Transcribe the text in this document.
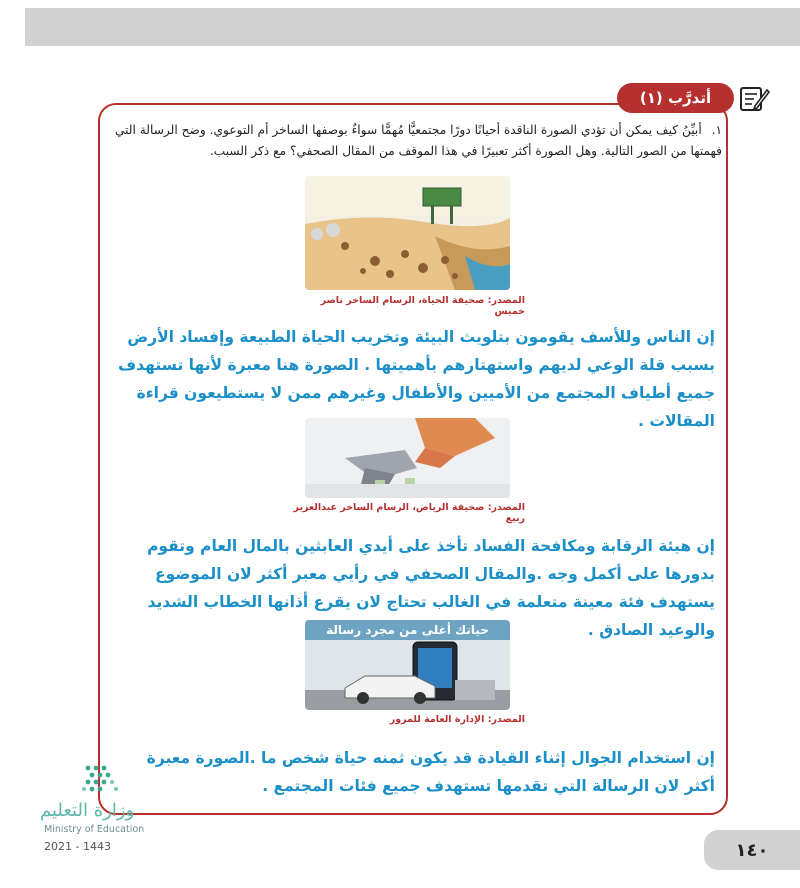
أتدرَّب (١)
١. أبيِّنُ كيف يمكن أن تؤدي الصورة الناقدة أحيانًا دورًا مجتمعيًّا مُهمًّا سواءٌ بوصفها الساخر أم التوعوي. وضح الرسالة التي فهمتها من الصور التالية. وهل الصورة أكثر تعبيرًا في هذا الموقف من المقال الصحفي؟ مع ذكر السبب.
المصدر: صحيفة الحياة، الرسام الساخر ناصر خميس
إن الناس وللأسف يقومون بتلويث البيئة وتخريب الحياة الطبيعة وإفساد الأرض بسبب قلة الوعي لديهم واستهتارهم بأهميتها . الصورة هنا معبرة لأنها تستهدف جميع أطياف المجتمع من الأميين والأطفال وغيرهم ممن لا يستطيعون قراءة المقالات .
المصدر: صحيفة الرياض، الرسام الساخر عبدالعزيز ربيع
إن هيئة الرقابة ومكافحة الفساد تأخذ على أيدي العابثين بالمال العام وتقوم بدورها على أكمل وجه .والمقال الصحفي في رأيي معبر أكثر لان الموضوع يستهدف فئة معينة متعلمة في الغالب تحتاج لان يقرع أذانها الخطاب الشديد والوعيد الصادق .
حياتك أغلى من مجرد رسالة
المصدر: الإدارة العامة للمرور
إن استخدام الجوال إثناء القيادة قد يكون ثمنه حياة شخص ما .الصورة معبرة أكثر لان الرسالة التي تقدمها تستهدف جميع فئات المجتمع .
وزارة التعليم
Ministry of Education
2021 - 1443	١٤٠
